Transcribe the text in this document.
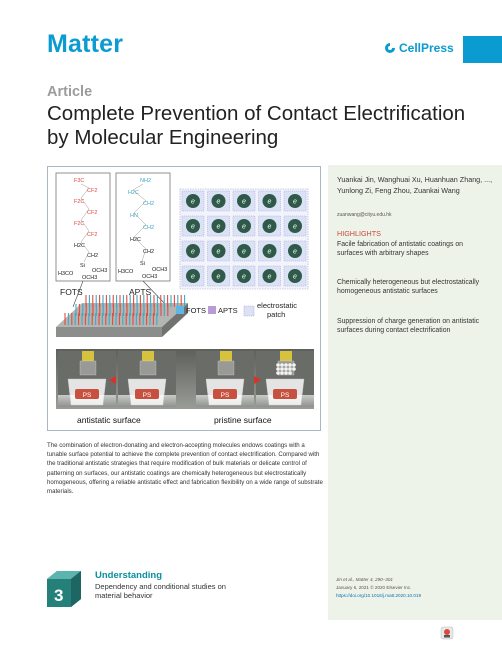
Matter	CellPress
Article
Complete Prevention of Contact Electrification by Molecular Engineering
Yuankai Jin, Wanghuai Xu, Huanhuan Zhang, ..., Yunlong Zi, Feng Zhou, Zuankai Wang
zuanwang@cityu.edu.hk
HIGHLIGHTS
Facile fabrication of antistatic coatings on surfaces with arbitrary shapes
Chemically heterogeneous but electrostatically homogeneous antistatic surfaces
Suppression of charge generation on antistatic surfaces during contact electrification
Jin et al., Matter 4, 290–301
January 6, 2021 © 2020 Elsevier Inc.
https://doi.org/10.1016/j.matt.2020.10.019
F3C
CF2
F2C
CF2
F2C
CF2
H2C
CH2
Si
H3CO	OCH3
OCH3
NH2
H2C
CH2
HN
CH2
H2C
CH2
Si
H3CO	OCH3
OCH3
FOTS	APTS
e	e	e	e	e
e	e	e	e	e
e	e	e	e	e
e	e	e	e	e
FOTS APTS
electrostatic patch
PS	PS	PS	PS
antistatic surface	pristine surface
The combination of electron-donating and electron-accepting molecules endows coatings with a tunable surface potential to achieve the complete prevention of contact electrification. Compared with the traditional antistatic strategies that require modification of bulk materials or delicate control of patterning on surfaces, our antistatic coatings are chemically heterogeneous but electrostatically homogeneous, offering a reliable antistatic effect and fabrication flexibility on a wide range of substrate materials.
3
Understanding
Dependency and conditional studies on material behavior
